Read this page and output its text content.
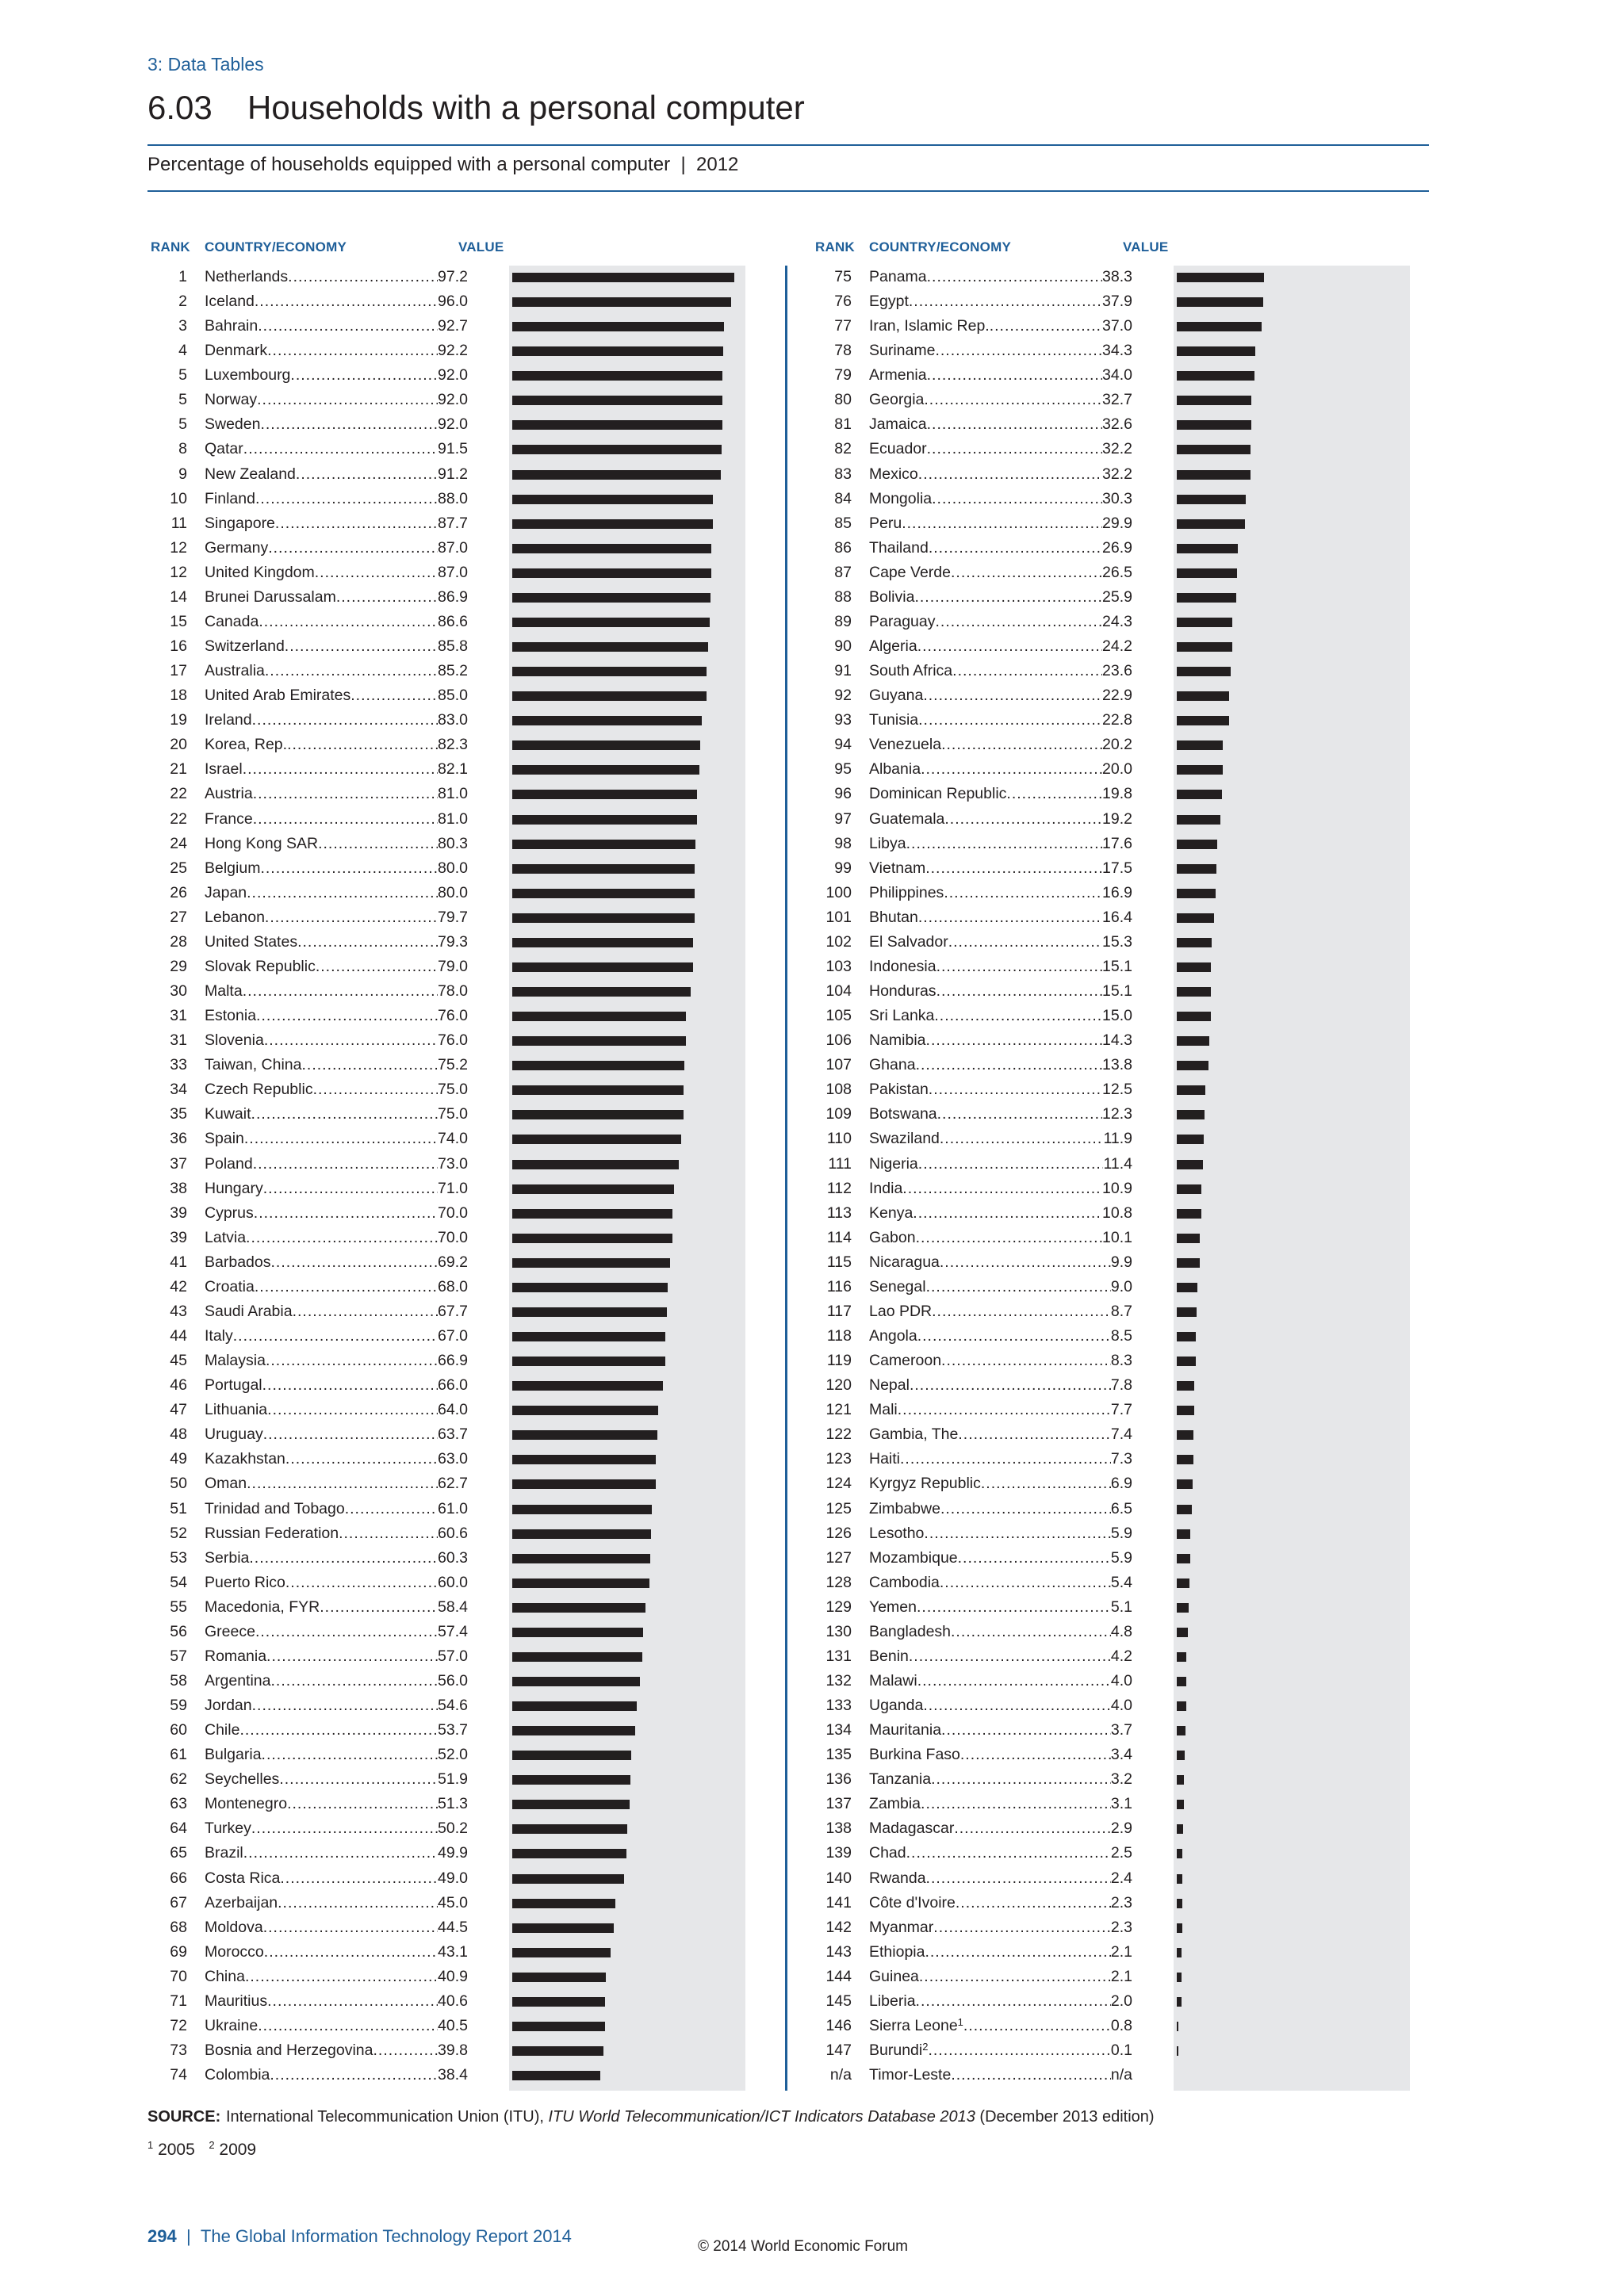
3: Data Tables
6.03 Households with a personal computer
Percentage of households equipped with a personal computer  |  2012
RANK COUNTRY/ECONOMY	VALUE	RANK COUNTRY/ECONOMY	VALUE
1 Netherlands .....	97.2
2 Iceland .....	96.0
3 Bahrain .....	92.7
4 Denmark .....	92.2
5 Luxembourg .....	92.0
5 Norway .....	92.0
5 Sweden .....	92.0
8 Qatar .....	91.5
9 New Zealand .....	91.2
10 Finland .....	88.0
11 Singapore .....	87.7
12 Germany .....	87.0
12 United Kingdom .....	87.0
14 Brunei Darussalam .....	86.9
15 Canada .....	86.6
16 Switzerland .....	85.8
17 Australia .....	85.2
18 United Arab Emirates .....	85.0
19 Ireland .....	83.0
20 Korea, Rep. .....	82.3
21 Israel .....	82.1
22 Austria .....	81.0
22 France .....	81.0
24 Hong Kong SAR .....	80.3
25 Belgium .....	80.0
26 Japan .....	80.0
27 Lebanon .....	79.7
28 United States .....	79.3
29 Slovak Republic .....	79.0
30 Malta .....	78.0
31 Estonia .....	76.0
31 Slovenia .....	76.0
33 Taiwan, China .....	75.2
34 Czech Republic .....	75.0
35 Kuwait .....	75.0
36 Spain .....	74.0
37 Poland .....	73.0
38 Hungary .....	71.0
39 Cyprus .....	70.0
39 Latvia .....	70.0
41 Barbados .....	69.2
42 Croatia .....	68.0
43 Saudi Arabia .....	67.7
44 Italy .....	67.0
45 Malaysia .....	66.9
46 Portugal .....	66.0
47 Lithuania .....	64.0
48 Uruguay .....	63.7
49 Kazakhstan .....	63.0
50 Oman .....	62.7
51 Trinidad and Tobago .....	61.0
52 Russian Federation .....	60.6
53 Serbia .....	60.3
54 Puerto Rico .....	60.0
55 Macedonia, FYR .....	58.4
56 Greece .....	57.4
57 Romania .....	57.0
58 Argentina .....	56.0
59 Jordan .....	54.6
60 Chile .....	53.7
61 Bulgaria .....	52.0
62 Seychelles .....	51.9
63 Montenegro .....	51.3
64 Turkey .....	50.2
65 Brazil .....	49.9
66 Costa Rica .....	49.0
67 Azerbaijan .....	45.0
68 Moldova .....	44.5
69 Morocco .....	43.1
70 China .....	40.9
71 Mauritius .....	40.6
72 Ukraine .....	40.5
73 Bosnia and Herzegovina .....	39.8
74 Colombia .....	38.4
75 Panama .....	38.3
76 Egypt .....	37.9
77 Iran, Islamic Rep. .....	37.0
78 Suriname .....	34.3
79 Armenia .....	34.0
80 Georgia .....	32.7
81 Jamaica .....	32.6
82 Ecuador .....	32.2
83 Mexico .....	32.2
84 Mongolia .....	30.3
85 Peru .....	29.9
86 Thailand .....	26.9
87 Cape Verde .....	26.5
88 Bolivia .....	25.9
89 Paraguay .....	24.3
90 Algeria .....	24.2
91 South Africa .....	23.6
92 Guyana .....	22.9
93 Tunisia .....	22.8
94 Venezuela .....	20.2
95 Albania .....	20.0
96 Dominican Republic .....	19.8
97 Guatemala .....	19.2
98 Libya .....	17.6
99 Vietnam .....	17.5
100 Philippines .....	16.9
101 Bhutan .....	16.4
102 El Salvador .....	15.3
103 Indonesia .....	15.1
104 Honduras .....	15.1
105 Sri Lanka .....	15.0
106 Namibia .....	14.3
107 Ghana .....	13.8
108 Pakistan .....	12.5
109 Botswana .....	12.3
110 Swaziland .....	11.9
111 Nigeria .....	11.4
112 India .....	10.9
113 Kenya .....	10.8
114 Gabon .....	10.1
115 Nicaragua .....	9.9
116 Senegal .....	9.0
117 Lao PDR .....	8.7
118 Angola .....	8.5
119 Cameroon .....	8.3
120 Nepal .....	7.8
121 Mali .....	7.7
122 Gambia, The .....	7.4
123 Haiti .....	7.3
124 Kyrgyz Republic .....	6.9
125 Zimbabwe .....	6.5
126 Lesotho .....	5.9
127 Mozambique .....	5.9
128 Cambodia .....	5.4
129 Yemen .....	5.1
130 Bangladesh .....	4.8
131 Benin .....	4.2
132 Malawi .....	4.0
133 Uganda .....	4.0
134 Mauritania .....	3.7
135 Burkina Faso .....	3.4
136 Tanzania .....	3.2
137 Zambia .....	3.1
138 Madagascar .....	2.9
139 Chad .....	2.5
140 Rwanda .....	2.4
141 Côte d'Ivoire .....	2.3
142 Myanmar .....	2.3
143 Ethiopia .....	2.1
144 Guinea .....	2.1
145 Liberia .....	2.0
146 Sierra Leone$^1$ .....	0.8
147 Burundi$^2$ .....	0.1
n/a Timor-Leste .....	n/a
SOURCE: International Telecommunication Union (ITU), ITU World Telecommunication/ICT Indicators Database 2013 (December 2013 edition)
$^1$ 2005 $^2$ 2009
294 | The Global Information Technology Report 2014
© 2014 World Economic Forum
